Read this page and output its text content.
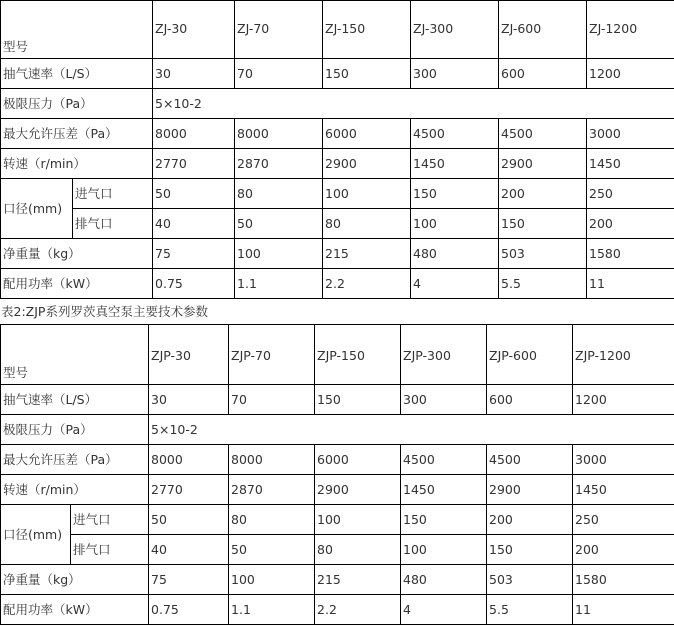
型号		ZJ-30	ZJ-70	ZJ-150	ZJ-300	ZJ-600	ZJ-1200
抽气速率（L/S）		30	70	150	300	600	1200
极限压力（Pa）		5×10-2					
最大允许压差（Pa）		8000	8000	6000	4500	4500	3000
转速（r/min）		2770	2870	2900	1450	2900	1450
口径(mm)	进气口	50	80	100	150	200	250
	排气口	40	50	80	100	150	200
净重量（kg）		75	100	215	480	503	1580
配用功率（kW）		0.75	1.1	2.2	4	5.5	11
表2:ZJP系列罗茨真空泵主要技术参数
型号		ZJP-30	ZJP-70	ZJP-150	ZJP-300	ZJP-600	ZJP-1200
抽气速率（L/S）		30	70	150	300	600	1200
极限压力（Pa）		5×10-2					
最大允许压差（Pa）		8000	8000	6000	4500	4500	3000
转速（r/min）		2770	2870	2900	1450	2900	1450
口径(mm)	进气口	50	80	100	150	200	250
	排气口	40	50	80	100	150	200
净重量（kg）		75	100	215	480	503	1580
配用功率（kW）		0.75	1.1	2.2	4	5.5	11
